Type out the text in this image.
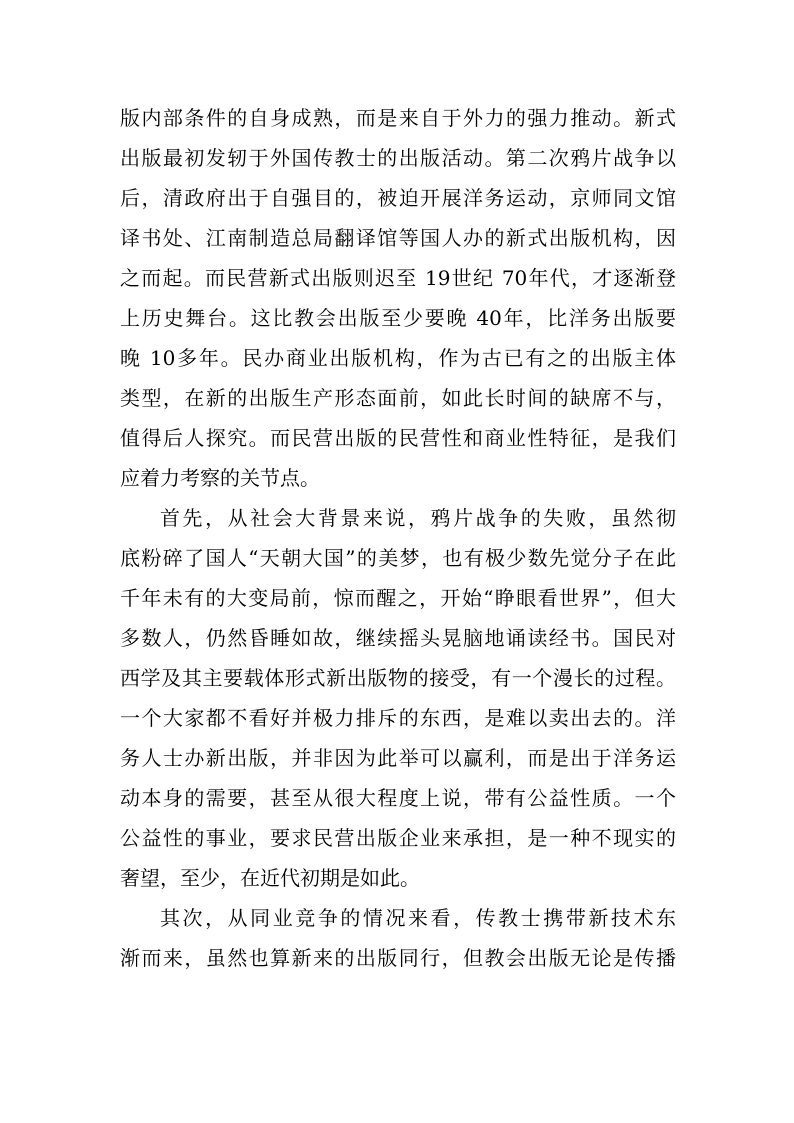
版内部条件的自身成熟，而是来自于外力的强力推动。新式
出版最初发轫于外国传教士的出版活动。第二次鸦片战争以
后，清政府出于自强目的，被迫开展洋务运动，京师同文馆
译书处、江南制造总局翻译馆等国人办的新式出版机构，因
之而起。而民营新式出版则迟至 19世纪 70年代，才逐渐登
上历史舞台。这比教会出版至少要晚 40年，比洋务出版要
晚 10多年。民办商业出版机构，作为古已有之的出版主体
类型，在新的出版生产形态面前，如此长时间的缺席不与，
值得后人探究。而民营出版的民营性和商业性特征，是我们
应着力考察的关节点。
首先，从社会大背景来说，鸦片战争的失败，虽然彻
底粉碎了国人“天朝大国”的美梦，也有极少数先觉分子在此
千年未有的大变局前，惊而醒之，开始“睁眼看世界”，但大
多数人，仍然昏睡如故，继续摇头晃脑地诵读经书。国民对
西学及其主要载体形式新出版物的接受，有一个漫长的过程。
一个大家都不看好并极力排斥的东西，是难以卖出去的。洋
务人士办新出版，并非因为此举可以赢利，而是出于洋务运
动本身的需要，甚至从很大程度上说，带有公益性质。一个
公益性的事业，要求民营出版企业来承担，是一种不现实的
奢望，至少，在近代初期是如此。
其次，从同业竞争的情况来看，传教士携带新技术东
渐而来，虽然也算新来的出版同行，但教会出版无论是传播
